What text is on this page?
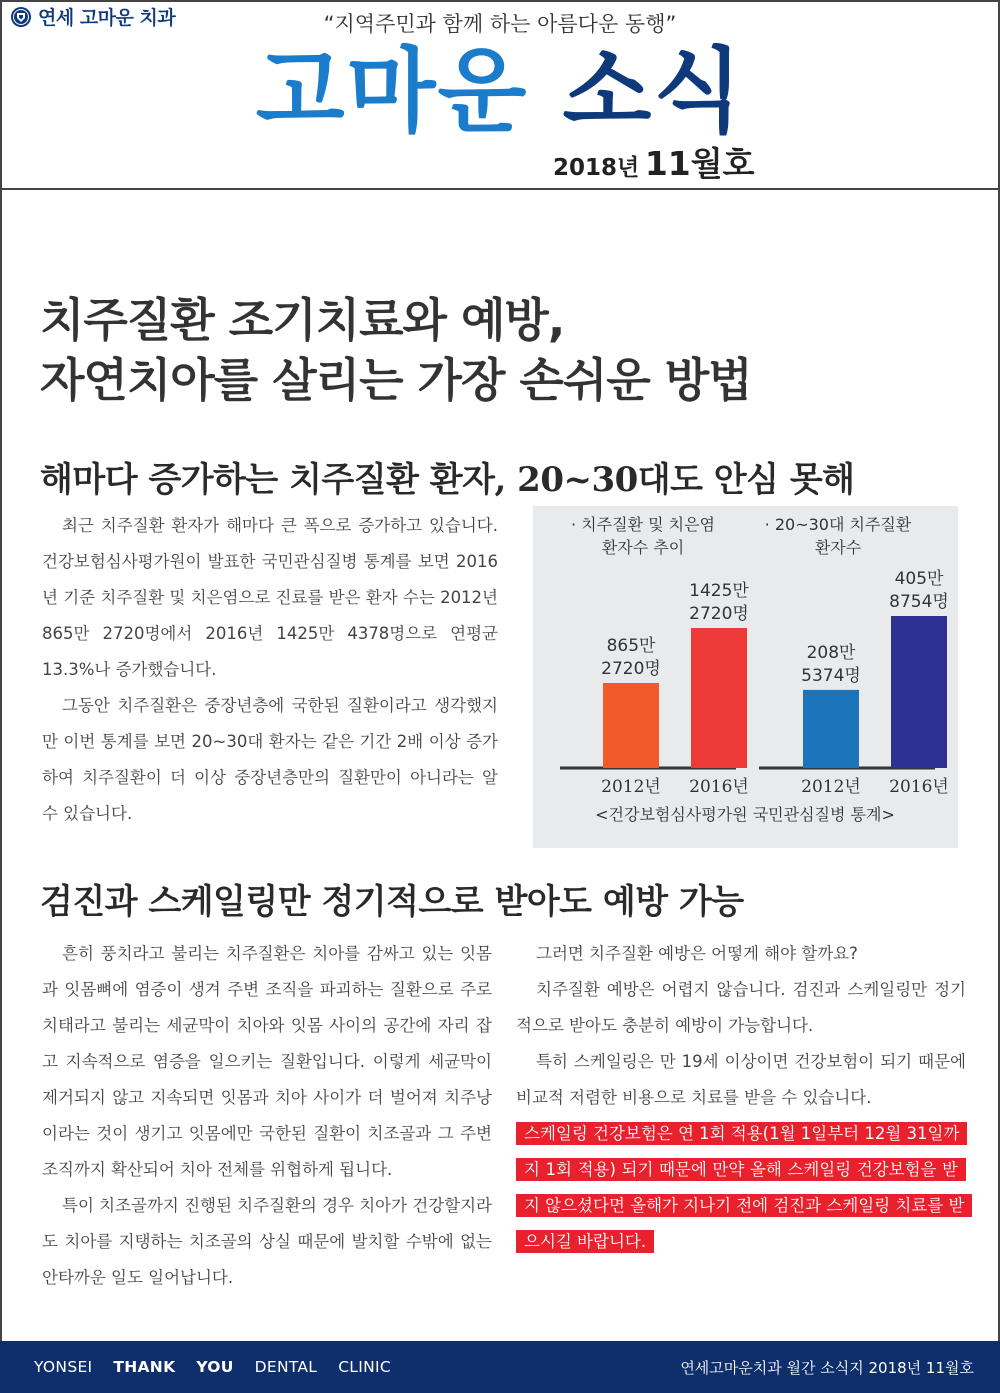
연세 고마운 치과	“지역주민과 함께 하는 아름다운 동행”
고마운 소식
2018년 11월호
치주질환 조기치료와 예방,
자연치아를 살리는 가장 손쉬운 방법
해마다 증가하는 치주질환 환자, 20~30대도 안심 못해

최근 치주질환 환자가 해마다 큰 폭으로 증가하고 있습니다. 건강보험심사평가원이 발표한 국민관심질병 통계를 보면 2016년 기준 치주질환 및 치은염으로 진료를 받은 환자 수는 2012년 865만 2720명에서 2016년 1425만 4378명으로 연평균 13.3%나 증가했습니다.

그동안 치주질환은 중장년층에 국한된 질환이라고 생각했지만 이번 통계를 보면 20~30대 환자는 같은 기간 2배 이상 증가하여 치주질환이 더 이상 중장년층만의 질환만이 아니라는 알 수 있습니다.

· 치주질환 및 치은염
환자수 추이
865만
2720명
2012년
1425만
2720명
2016년
· 20~30대 치주질환
환자수
208만
5374명
2012년
405만
8754명
2016년
<건강보험심사평가원 국민관심질병 통계>
검진과 스케일링만 정기적으로 받아도 예방 가능

흔히 풍치라고 불리는 치주질환은 치아를 감싸고 있는 잇몸과 잇몸뼈에 염증이 생겨 주변 조직을 파괴하는 질환으로 주로 치태라고 불리는 세균막이 치아와 잇몸 사이의 공간에 자리 잡고 지속적으로 염증을 일으키는 질환입니다. 이렇게 세균막이 제거되지 않고 지속되면 잇몸과 치아 사이가 더 벌어져 치주낭이라는 것이 생기고 잇몸에만 국한된 질환이 치조골과 그 주변 조직까지 확산되어 치아 전체를 위협하게 됩니다.

특이 치조골까지 진행된 치주질환의 경우 치아가 건강할지라도 치아를 지탱하는 치조골의 상실 때문에 발치할 수밖에 없는 안타까운 일도 일어납니다.

그러면 치주질환 예방은 어떻게 해야 할까요?

치주질환 예방은 어렵지 않습니다. 검진과 스케일링만 정기적으로 받아도 충분히 예방이 가능합니다.

특히 스케일링은 만 19세 이상이면 건강보험이 되기 때문에 비교적 저렴한 비용으로 치료를 받을 수 있습니다.

스케일링 건강보험은 연 1회 적용(1월 1일부터 12월 31일까지 1회 적용) 되기 때문에 만약 올해 스케일링 건강보험을 받지 않으셨다면 올해가 지나기 전에 검진과 스케일링 치료를 받으시길 바랍니다.
YONSEI THANK YOU DENTAL CLINIC	연세고마운치과 월간 소식지 2018년 11월호
